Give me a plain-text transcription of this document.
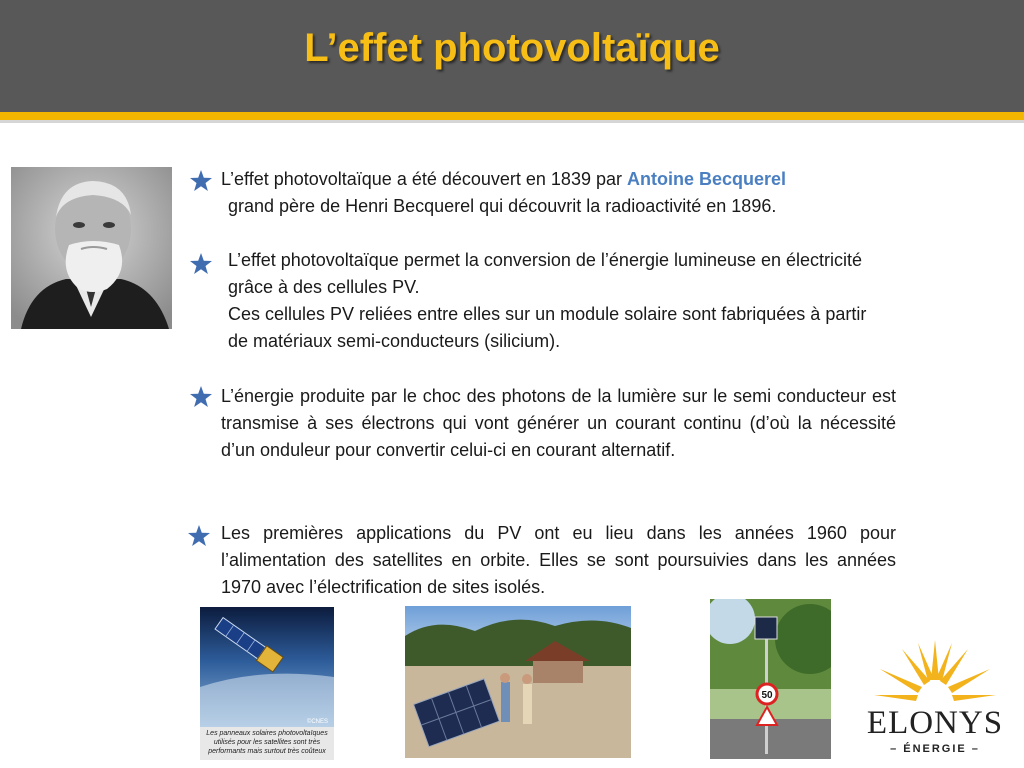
L’effet photovoltaïque
L’effet photovoltaïque a été découvert en 1839 par Antoine Becquerel
grand père de Henri Becquerel qui découvrit la radioactivité en 1896.
L’effet photovoltaïque permet la conversion de l’énergie lumineuse en électricité grâce à des cellules PV.
Ces cellules PV reliées entre elles sur un module solaire sont fabriquées à partir de matériaux semi-conducteurs (silicium).
L’énergie produite par le choc des photons de la lumière sur le semi conducteur est transmise à ses électrons qui vont générer un courant continu (d’où la nécessité d’un onduleur pour convertir celui-ci en courant alternatif.
Les premières applications du PV ont eu lieu dans les années 1960 pour l’alimentation des satellites en orbite. Elles se sont poursuivies dans les années 1970 avec l’électrification de sites isolés.
©CNES
Les panneaux solaires photovoltaïques utilisés pour les satellites sont très performants mais surtout très coûteux
50
ELONYS
– ÉNERGIE –
